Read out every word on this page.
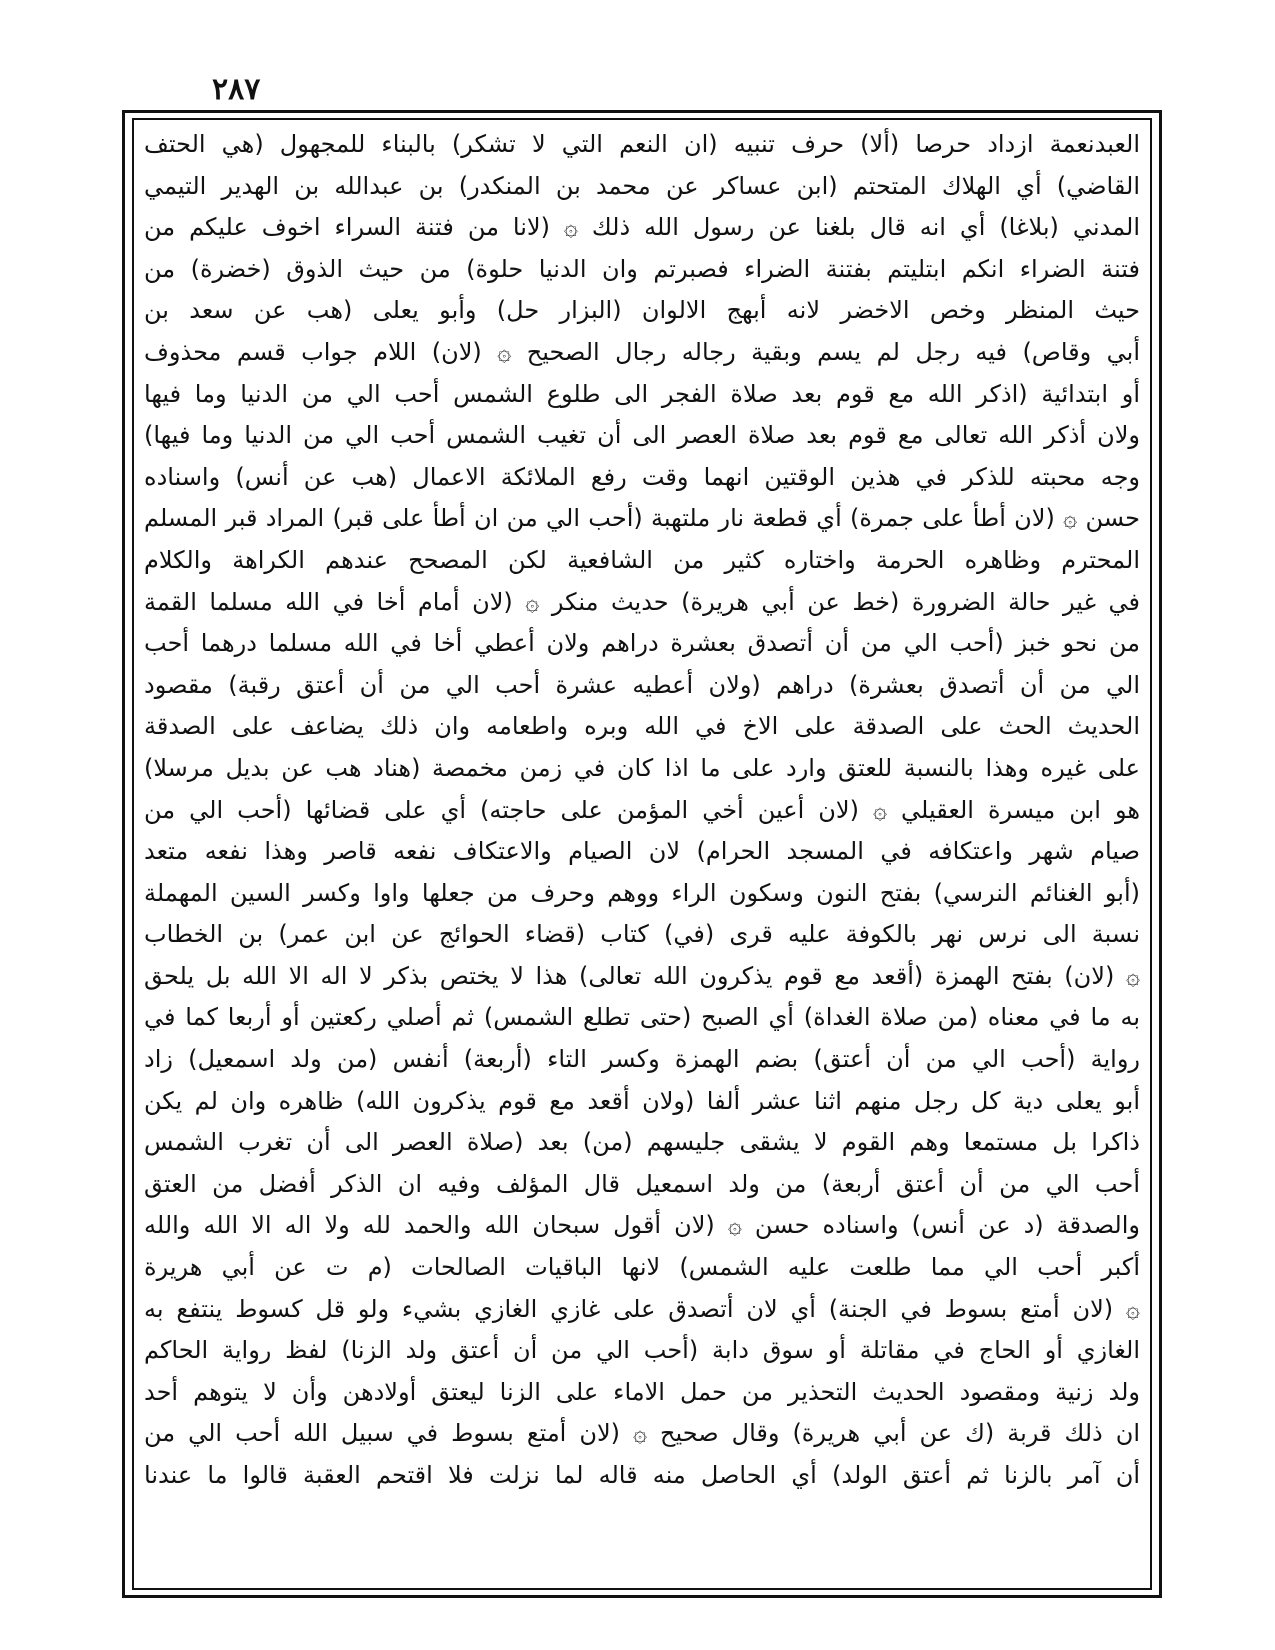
٢٨٧
العبدنعمة ازداد حرصا (ألا) حرف تنبيه (ان النعم التي لا تشكر) بالبناء للمجهول (هي الحتف
القاضي) أي الهلاك المتحتم (ابن عساكر عن محمد بن المنكدر) بن عبدالله بن الهدير التيمي
المدني (بلاغا) أي انه قال بلغنا عن رسول الله ذلك ۞ (لانا من فتنة السراء اخوف عليكم من
فتنة الضراء انكم ابتليتم بفتنة الضراء فصبرتم وان الدنيا حلوة) من حيث الذوق (خضرة) من
حيث المنظر وخص الاخضر لانه أبهج الالوان (البزار حل) وأبو يعلى (هب عن سعد بن
أبي وقاص) فيه رجل لم يسم وبقية رجاله رجال الصحيح ۞ (لان) اللام جواب قسم محذوف
أو ابتدائية (اذكر الله مع قوم بعد صلاة الفجر الى طلوع الشمس أحب الي من الدنيا وما فيها
ولان أذكر الله تعالى مع قوم بعد صلاة العصر الى أن تغيب الشمس أحب الي من الدنيا وما فيها)
وجه محبته للذكر في هذين الوقتين انهما وقت رفع الملائكة الاعمال (هب عن أنس) واسناده
حسن ۞ (لان أطأ على جمرة) أي قطعة نار ملتهبة (أحب الي من ان أطأ على قبر) المراد قبر المسلم
المحترم وظاهره الحرمة واختاره كثير من الشافعية لكن المصحح عندهم الكراهة والكلام
في غير حالة الضرورة (خط عن أبي هريرة) حديث منكر ۞ (لان أمام أخا في الله مسلما القمة
من نحو خبز (أحب الي من أن أتصدق بعشرة دراهم ولان أعطي أخا في الله مسلما درهما أحب
الي من أن أتصدق بعشرة) دراهم (ولان أعطيه عشرة أحب الي من أن أعتق رقبة) مقصود
الحديث الحث على الصدقة على الاخ في الله وبره واطعامه وان ذلك يضاعف على الصدقة
على غيره وهذا بالنسبة للعتق وارد على ما اذا كان في زمن مخمصة (هناد هب عن بديل مرسلا)
هو ابن ميسرة العقيلي ۞ (لان أعين أخي المؤمن على حاجته) أي على قضائها (أحب الي من
صيام شهر واعتكافه في المسجد الحرام) لان الصيام والاعتكاف نفعه قاصر وهذا نفعه متعد
(أبو الغنائم النرسي) بفتح النون وسكون الراء ووهم وحرف من جعلها واوا وكسر السين المهملة
نسبة الى نرس نهر بالكوفة عليه قرى (في) كتاب (قضاء الحوائج عن ابن عمر) بن الخطاب
۞ (لان) بفتح الهمزة (أقعد مع قوم يذكرون الله تعالى) هذا لا يختص بذكر لا اله الا الله بل يلحق
به ما في معناه (من صلاة الغداة) أي الصبح (حتى تطلع الشمس) ثم أصلي ركعتين أو أربعا كما في
رواية (أحب الي من أن أعتق) بضم الهمزة وكسر التاء (أربعة) أنفس (من ولد اسمعيل) زاد
أبو يعلى دية كل رجل منهم اثنا عشر ألفا (ولان أقعد مع قوم يذكرون الله) ظاهره وان لم يكن
ذاكرا بل مستمعا وهم القوم لا يشقى جليسهم (من) بعد (صلاة العصر الى أن تغرب الشمس
أحب الي من أن أعتق أربعة) من ولد اسمعيل قال المؤلف وفيه ان الذكر أفضل من العتق
والصدقة (د عن أنس) واسناده حسن ۞ (لان أقول سبحان الله والحمد لله ولا اله الا الله والله
أكبر أحب الي مما طلعت عليه الشمس) لانها الباقيات الصالحات (م ت عن أبي هريرة
۞ (لان أمتع بسوط في الجنة) أي لان أتصدق على غازي الغازي بشيء ولو قل كسوط ينتفع به
الغازي أو الحاج في مقاتلة أو سوق دابة (أحب الي من أن أعتق ولد الزنا) لفظ رواية الحاكم
ولد زنية ومقصود الحديث التحذير من حمل الاماء على الزنا ليعتق أولادهن وأن لا يتوهم أحد
ان ذلك قربة (ك عن أبي هريرة) وقال صحيح ۞ (لان أمتع بسوط في سبيل الله أحب الي من
أن آمر بالزنا ثم أعتق الولد) أي الحاصل منه قاله لما نزلت فلا اقتحم العقبة قالوا ما عندنا
